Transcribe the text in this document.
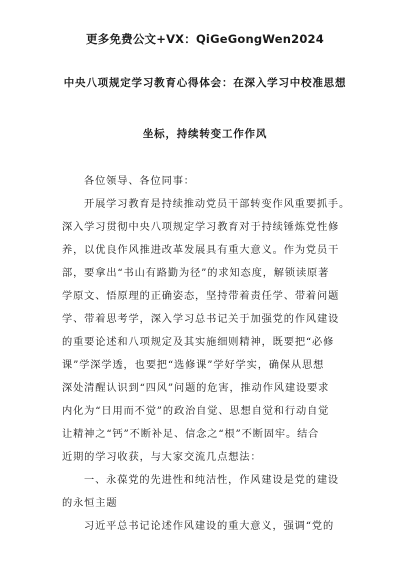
更多免费公文+VX：QiGeGongWen2024
中央八项规定学习教育心得体会：在深入学习中校准思想
坐标，持续转变工作作风
各位领导、各位同事：
开展学习教育是持续推动党员干部转变作风重要抓手。
深入学习贯彻中央八项规定学习教育对于持续锤炼党性修
养，以优良作风推进改革发展具有重大意义。作为党员干
部，要拿出“书山有路勤为径”的求知态度，解锁读原著
学原文、悟原理的正确姿态，坚持带着责任学、带着问题
学、带着思考学，深入学习总书记关于加强党的作风建设
的重要论述和八项规定及其实施细则精神，既要把“必修
课”学深学透，也要把“选修课”学好学实，确保从思想
深处清醒认识到“四风”问题的危害，推动作风建设要求
内化为“日用而不觉”的政治自觉、思想自觉和行动自觉
让精神之“钙”不断补足、信念之“根”不断固牢。结合
近期的学习收获，与大家交流几点想法：
一、永葆党的先进性和纯洁性，作风建设是党的建设
的永恒主题
习近平总书记论述作风建设的重大意义，强调“党的
